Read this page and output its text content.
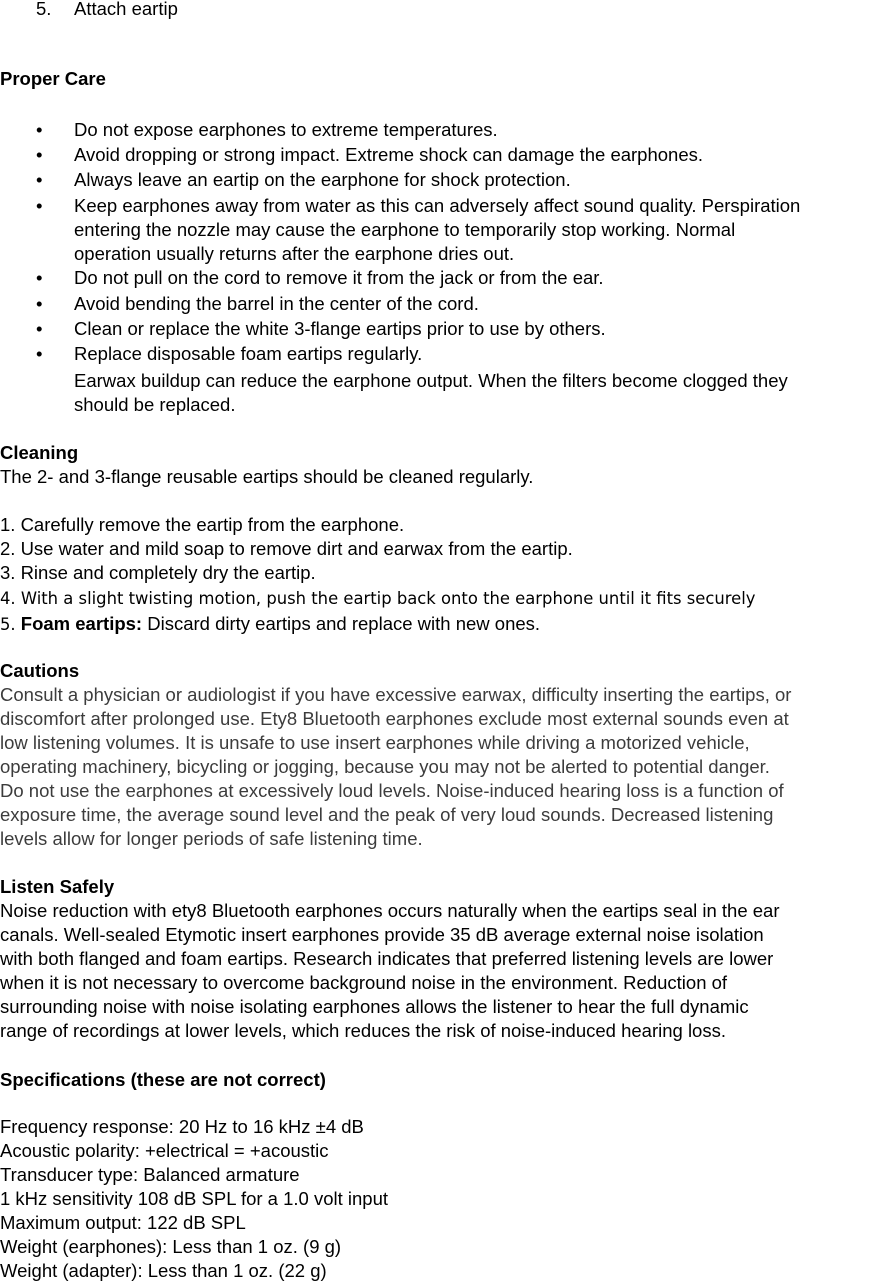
5. Attach eartip
Proper Care
•
Do not expose earphones to extreme temperatures.
•
Avoid dropping or strong impact. Extreme shock can damage the earphones.
•
Always leave an eartip on the earphone for shock protection.
•
Keep earphones away from water as this can adversely affect sound quality. Perspiration
entering the nozzle may cause the earphone to temporarily stop working. Normal
operation usually returns after the earphone dries out.
•
Do not pull on the cord to remove it from the jack or from the ear.
•
Avoid bending the barrel in the center of the cord.
•
Clean or replace the white 3-flange eartips prior to use by others.
•
Replace disposable foam eartips regularly.
Earwax buildup can reduce the earphone output. When the filters become clogged they
should be replaced.
Cleaning
The 2- and 3-flange reusable eartips should be cleaned regularly.
1. Carefully remove the eartip from the earphone.
2. Use water and mild soap to remove dirt and earwax from the eartip.
3. Rinse and completely dry the eartip.
4. With a slight twisting motion, push the eartip back onto the earphone until it fits securely
5. Foam eartips: Discard dirty eartips and replace with new ones.
Cautions
Consult a physician or audiologist if you have excessive earwax, difficulty inserting the eartips, or
discomfort after prolonged use. Ety8 Bluetooth earphones exclude most external sounds even at
low listening volumes. It is unsafe to use insert earphones while driving a motorized vehicle,
operating machinery, bicycling or jogging, because you may not be alerted to potential danger.
Do not use the earphones at excessively loud levels. Noise-induced hearing loss is a function of
exposure time, the average sound level and the peak of very loud sounds. Decreased listening
levels allow for longer periods of safe listening time.
Listen Safely
Noise reduction with ety8 Bluetooth earphones occurs naturally when the eartips seal in the ear
canals. Well-sealed Etymotic insert earphones provide 35 dB average external noise isolation
with both flanged and foam eartips. Research indicates that preferred listening levels are lower
when it is not necessary to overcome background noise in the environment. Reduction of
surrounding noise with noise isolating earphones allows the listener to hear the full dynamic
range of recordings at lower levels, which reduces the risk of noise-induced hearing loss.
Specifications (these are not correct)
Frequency response: 20 Hz to 16 kHz ±4 dB
Acoustic polarity: +electrical = +acoustic
Transducer type: Balanced armature
1 kHz sensitivity 108 dB SPL for a 1.0 volt input
Maximum output: 122 dB SPL
Weight (earphones): Less than 1 oz. (9 g)
Weight (adapter): Less than 1 oz. (22 g)
